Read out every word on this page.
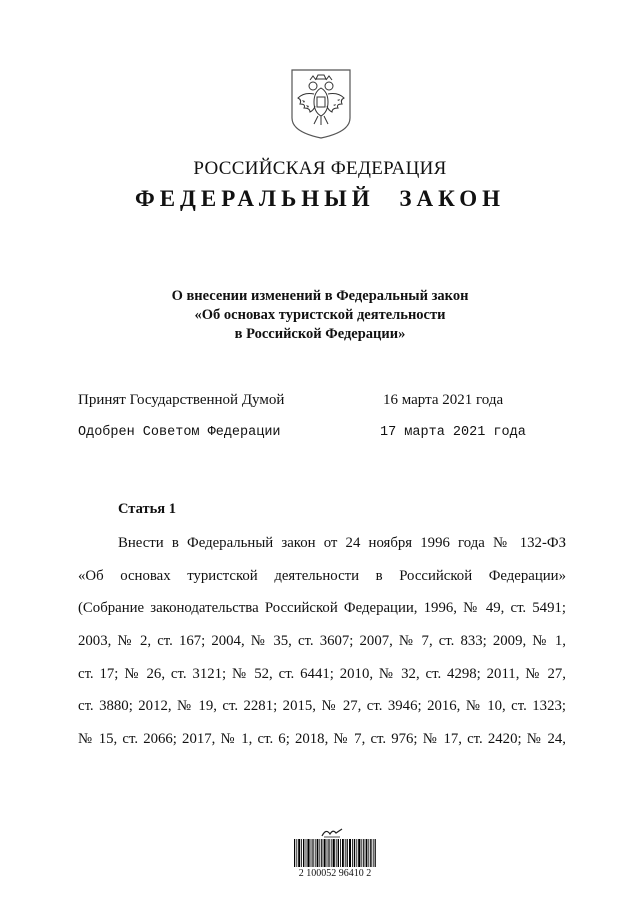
РОССИЙСКАЯ ФЕДЕРАЦИЯ
ФЕДЕРАЛЬНЫЙ ЗАКОН
О внесении изменений в Федеральный закон
«Об основах туристской деятельности
в Российской Федерации»
Принят Государственной Думой	16 марта 2021 года
Одобрен Советом Федерации	17 марта 2021 года
Статья 1
Внести в Федеральный закон от 24 ноября 1996 года № 132-ФЗ
«Об основах туристской деятельности в Российской Федерации»
(Собрание законодательства Российской Федерации, 1996, № 49, ст. 5491;
2003, № 2, ст. 167; 2004, № 35, ст. 3607; 2007, № 7, ст. 833; 2009, № 1,
ст. 17; № 26, ст. 3121; № 52, ст. 6441; 2010, № 32, ст. 4298; 2011, № 27,
ст. 3880; 2012, № 19, ст. 2281; 2015, № 27, ст. 3946; 2016, № 10, ст. 1323;
№ 15, ст. 2066; 2017, № 1, ст. 6; 2018, № 7, ст. 976; № 17, ст. 2420; № 24,
2 100052 96410 2
